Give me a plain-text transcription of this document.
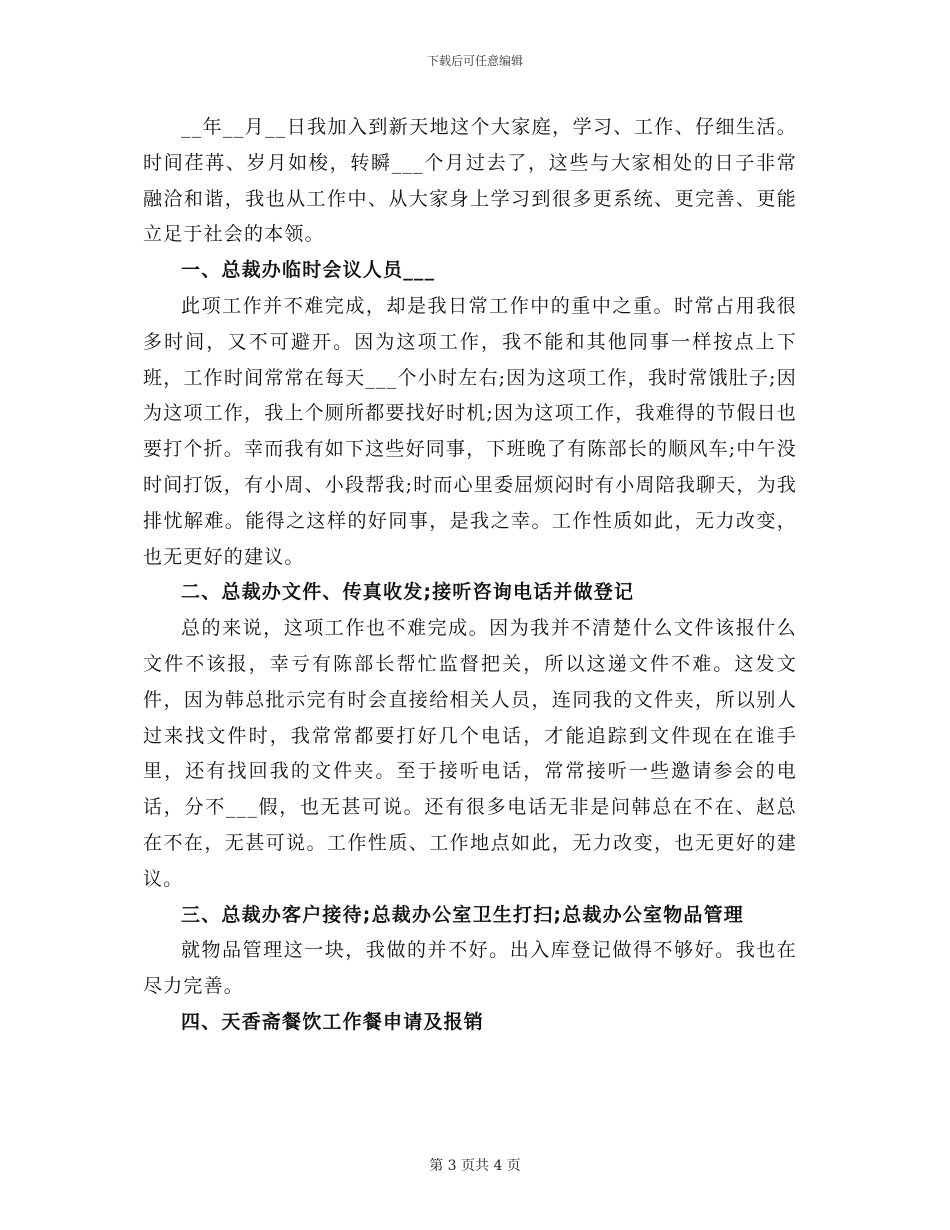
下载后可任意编辑

__年__月__日我加入到新天地这个大家庭，学习、工作、仔细生活。时间荏苒、岁月如梭，转瞬___个月过去了，这些与大家相处的日子非常融洽和谐，我也从工作中、从大家身上学习到很多更系统、更完善、更能立足于社会的本领。

一、总裁办临时会议人员___

此项工作并不难完成，却是我日常工作中的重中之重。时常占用我很多时间，又不可避开。因为这项工作，我不能和其他同事一样按点上下班，工作时间常常在每天___个小时左右;因为这项工作，我时常饿肚子;因为这项工作，我上个厕所都要找好时机;因为这项工作，我难得的节假日也要打个折。幸而我有如下这些好同事，下班晚了有陈部长的顺风车;中午没时间打饭，有小周、小段帮我;时而心里委屈烦闷时有小周陪我聊天，为我排忧解难。能得之这样的好同事，是我之幸。工作性质如此，无力改变，也无更好的建议。

二、总裁办文件、传真收发;接听咨询电话并做登记

总的来说，这项工作也不难完成。因为我并不清楚什么文件该报什么文件不该报，幸亏有陈部长帮忙监督把关，所以这递文件不难。这发文件，因为韩总批示完有时会直接给相关人员，连同我的文件夹，所以别人过来找文件时，我常常都要打好几个电话，才能追踪到文件现在在谁手里，还有找回我的文件夹。至于接听电话，常常接听一些邀请参会的电话，分不___假，也无甚可说。还有很多电话无非是问韩总在不在、赵总在不在，无甚可说。工作性质、工作地点如此，无力改变，也无更好的建议。

三、总裁办客户接待;总裁办公室卫生打扫;总裁办公室物品管理

就物品管理这一块，我做的并不好。出入库登记做得不够好。我也在尽力完善。

四、天香斋餐饮工作餐申请及报销

第 3 页共 4 页
